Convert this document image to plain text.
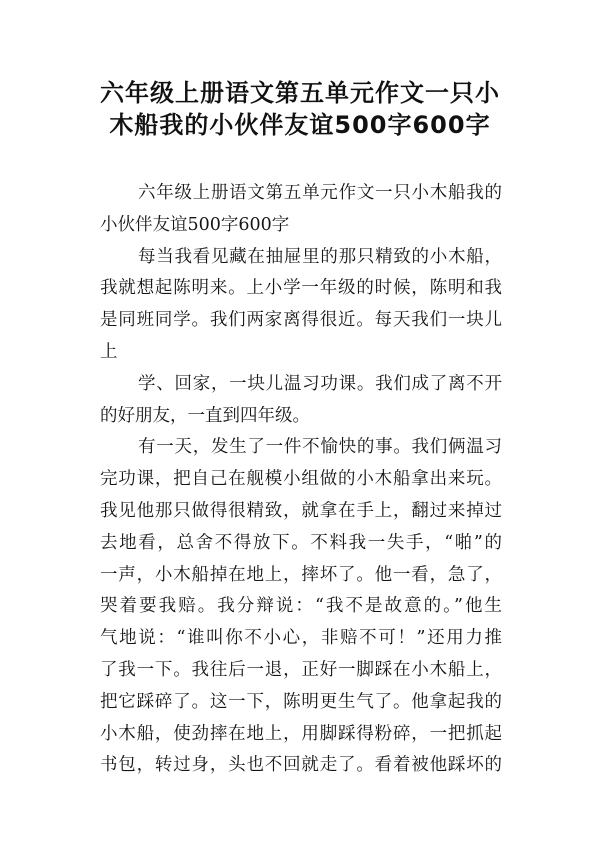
六年级上册语文第五单元作文一只小
木船我的小伙伴友谊500字600字
六年级上册语文第五单元作文一只小木船我的
小伙伴友谊500字600字
每当我看见藏在抽屉里的那只精致的小木船，
我就想起陈明来。上小学一年级的时候，陈明和我
是同班同学。我们两家离得很近。每天我们一块儿
上
学、回家，一块儿温习功课。我们成了离不开
的好朋友，一直到四年级。
有一天，发生了一件不愉快的事。我们俩温习
完功课，把自己在舰模小组做的小木船拿出来玩。
我见他那只做得很精致，就拿在手上，翻过来掉过
去地看，总舍不得放下。不料我一失手，“啪”的
一声，小木船掉在地上，摔坏了。他一看，急了，
哭着要我赔。我分辩说：“我不是故意的。”他生
气地说：“谁叫你不小心，非赔不可！”还用力推
了我一下。我往后一退，正好一脚踩在小木船上，
把它踩碎了。这一下，陈明更生气了。他拿起我的
小木船，使劲摔在地上，用脚踩得粉碎，一把抓起
书包，转过身，头也不回就走了。看着被他踩坏的
